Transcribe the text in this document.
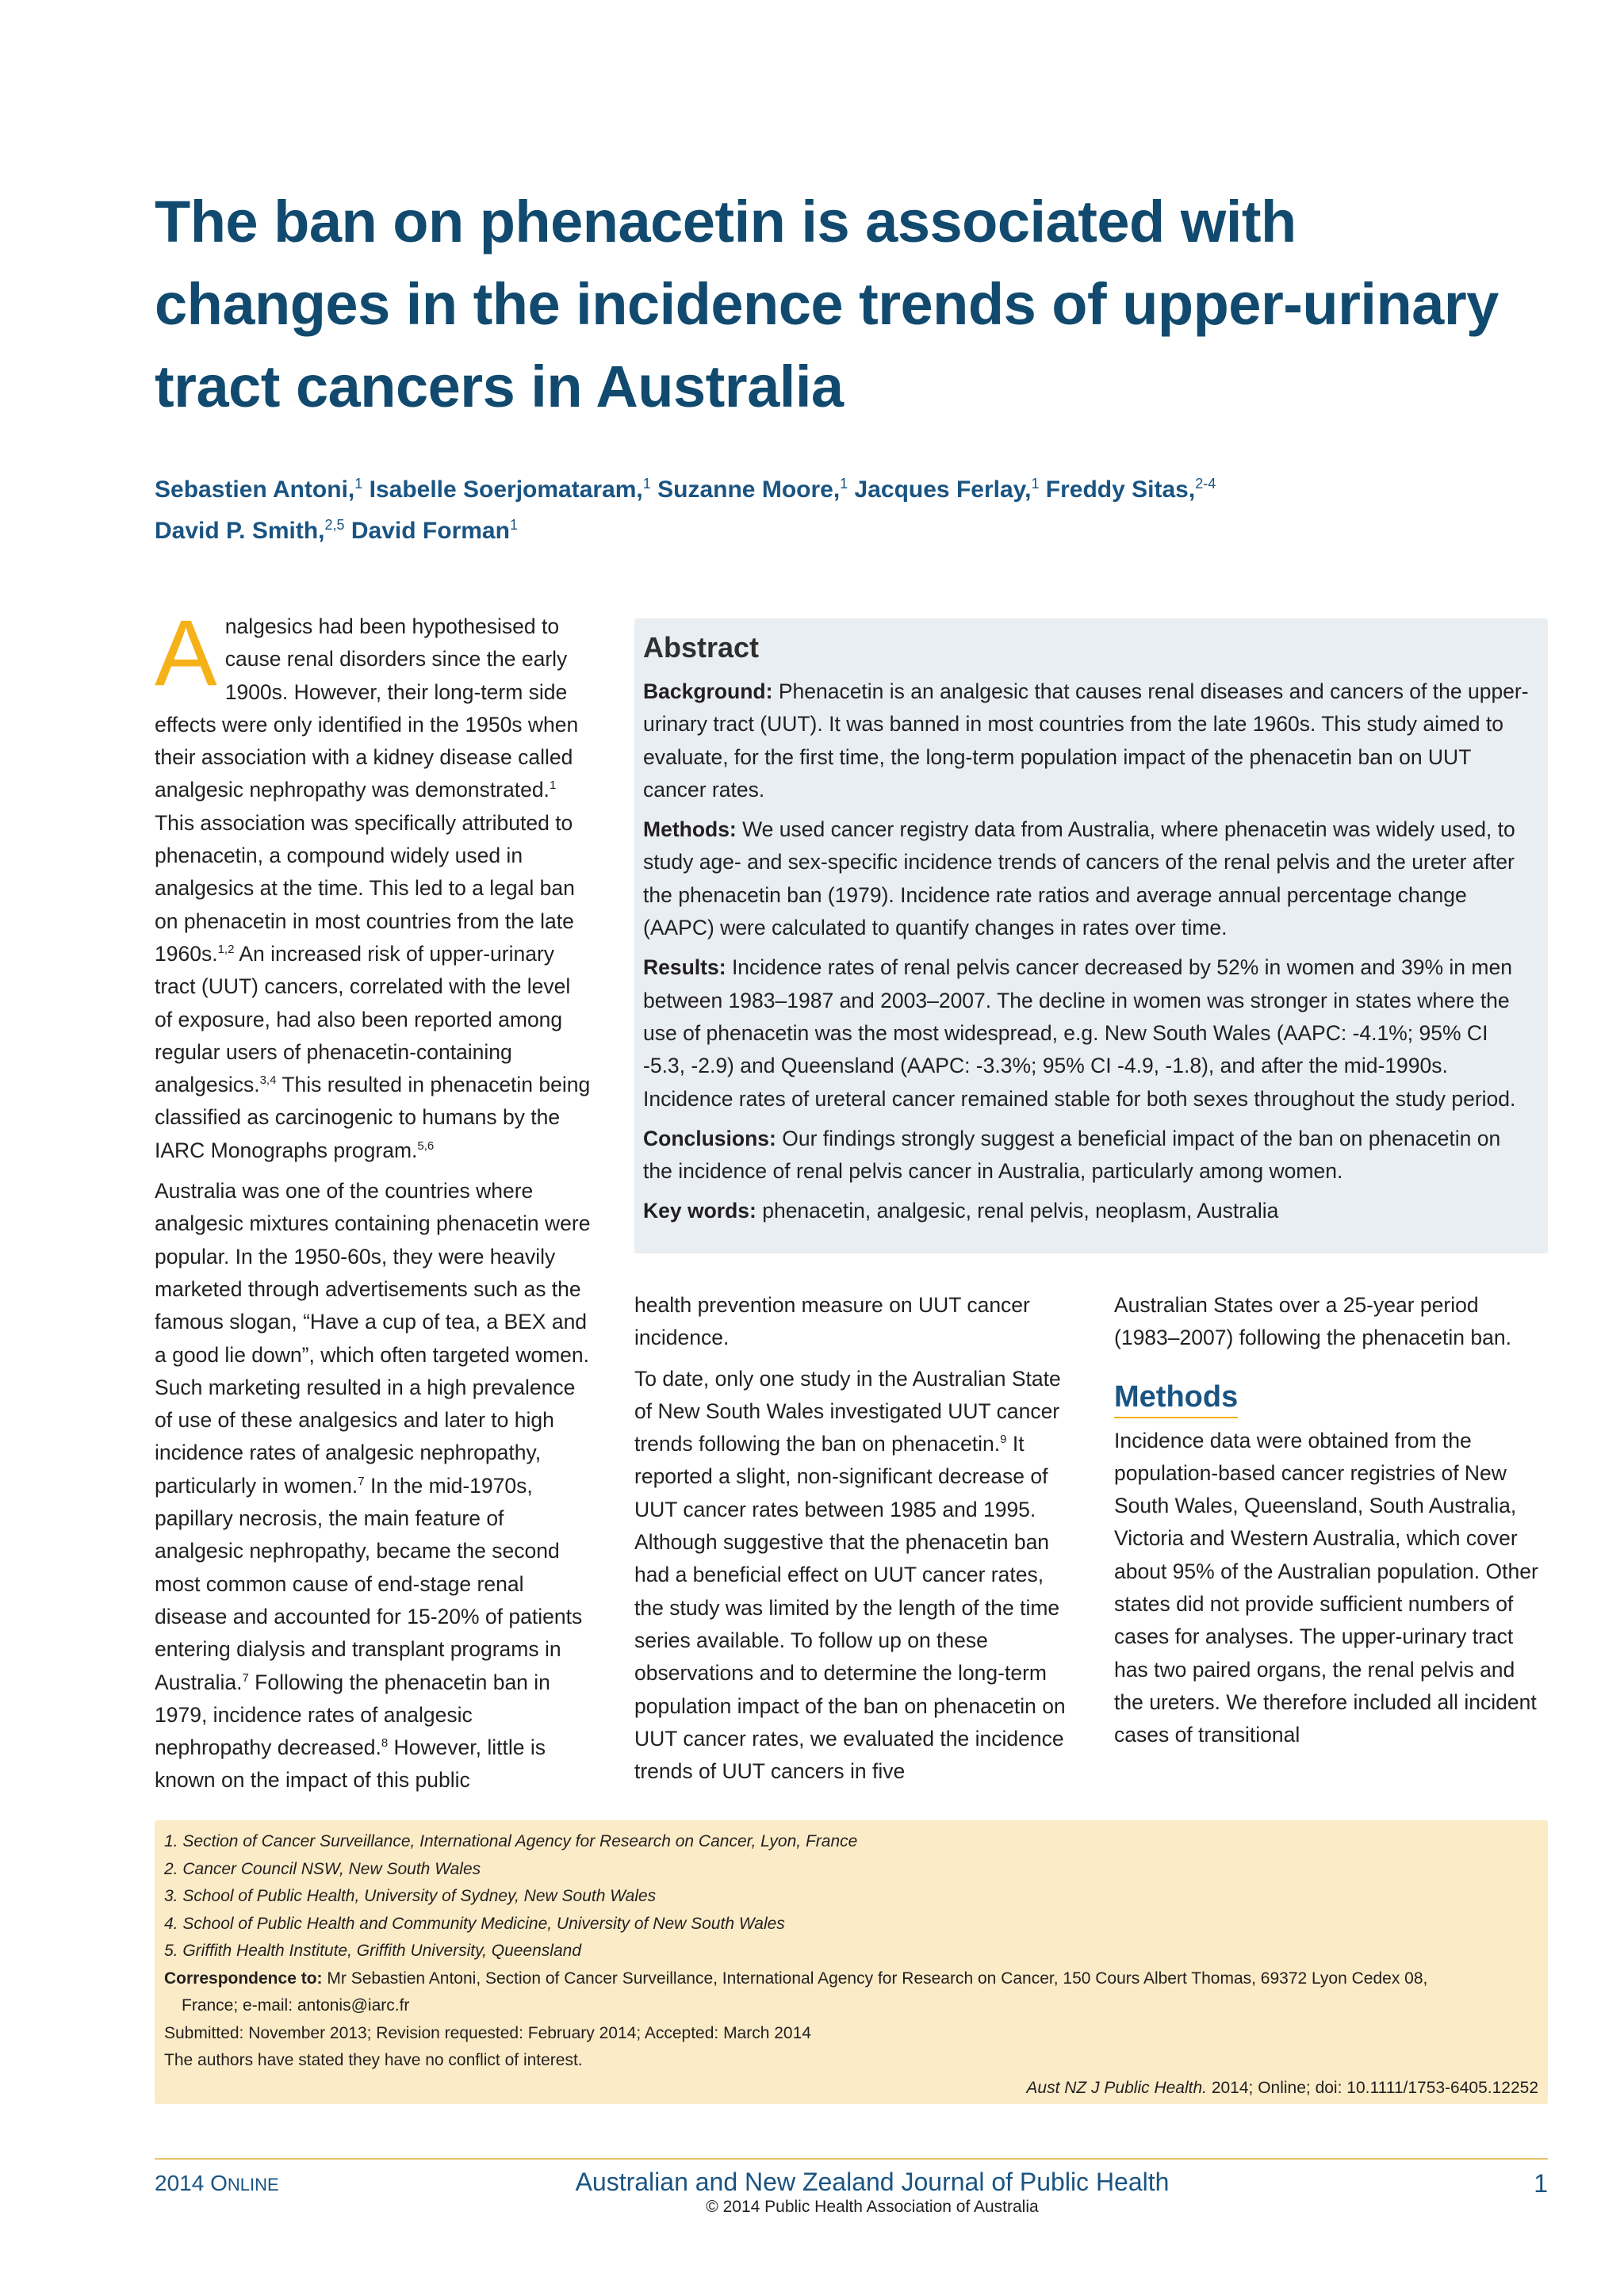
The ban on phenacetin is associated with changes in the incidence trends of upper-urinary tract cancers in Australia
Sebastien Antoni,$^1$ Isabelle Soerjomataram,$^1$ Suzanne Moore,$^1$ Jacques Ferlay,$^1$ Freddy Sitas,$^{2-4}$
David P. Smith,$^{2,5}$ David Forman$^1$

Analgesics had been hypothesised to cause renal disorders since the early 1900s. However, their long-term side effects were only identified in the 1950s when their association with a kidney disease called analgesic nephropathy was demonstrated.$^1$ This association was specifically attributed to phenacetin, a compound widely used in analgesics at the time. This led to a legal ban on phenacetin in most countries from the late 1960s.$^{1,2}$ An increased risk of upper-urinary tract (UUT) cancers, correlated with the level of exposure, had also been reported among regular users of phenacetin-containing analgesics.$^{3,4}$ This resulted in phenacetin being classified as carcinogenic to humans by the IARC Monographs program.$^{5,6}$

Australia was one of the countries where analgesic mixtures containing phenacetin were popular. In the 1950-60s, they were heavily marketed through advertisements such as the famous slogan, “Have a cup of tea, a BEX and a good lie down”, which often targeted women. Such marketing resulted in a high prevalence of use of these analgesics and later to high incidence rates of analgesic nephropathy, particularly in women.$^7$ In the mid-1970s, papillary necrosis, the main feature of analgesic nephropathy, became the second most common cause of end-stage renal disease and accounted for 15-20% of patients entering dialysis and transplant programs in Australia.$^7$ Following the phenacetin ban in 1979, incidence rates of analgesic nephropathy decreased.$^8$ However, little is known on the impact of this public

Abstract

Background: Phenacetin is an analgesic that causes renal diseases and cancers of the upper-urinary tract (UUT). It was banned in most countries from the late 1960s. This study aimed to evaluate, for the first time, the long-term population impact of the phenacetin ban on UUT cancer rates.

Methods: We used cancer registry data from Australia, where phenacetin was widely used, to study age- and sex-specific incidence trends of cancers of the renal pelvis and the ureter after the phenacetin ban (1979). Incidence rate ratios and average annual percentage change (AAPC) were calculated to quantify changes in rates over time.

Results: Incidence rates of renal pelvis cancer decreased by 52% in women and 39% in men between 1983–1987 and 2003–2007. The decline in women was stronger in states where the use of phenacetin was the most widespread, e.g. New South Wales (AAPC: -4.1%; 95% CI -5.3, -2.9) and Queensland (AAPC: -3.3%; 95% CI -4.9, -1.8), and after the mid-1990s. Incidence rates of ureteral cancer remained stable for both sexes throughout the study period.

Conclusions: Our findings strongly suggest a beneficial impact of the ban on phenacetin on the incidence of renal pelvis cancer in Australia, particularly among women.

Key words: phenacetin, analgesic, renal pelvis, neoplasm, Australia

health prevention measure on UUT cancer incidence.

To date, only one study in the Australian State of New South Wales investigated UUT cancer trends following the ban on phenacetin.$^9$ It reported a slight, non-significant decrease of UUT cancer rates between 1985 and 1995. Although suggestive that the phenacetin ban had a beneficial effect on UUT cancer rates, the study was limited by the length of the time series available. To follow up on these observations and to determine the long-term population impact of the ban on phenacetin on UUT cancer rates, we evaluated the incidence trends of UUT cancers in five

Australian States over a 25-year period (1983–2007) following the phenacetin ban.

Methods

Incidence data were obtained from the population-based cancer registries of New South Wales, Queensland, South Australia, Victoria and Western Australia, which cover about 95% of the Australian population. Other states did not provide sufficient numbers of cases for analyses. The upper-urinary tract has two paired organs, the renal pelvis and the ureters. We therefore included all incident cases of transitional

1. Section of Cancer Surveillance, International Agency for Research on Cancer, Lyon, France
2. Cancer Council NSW, New South Wales
3. School of Public Health, University of Sydney, New South Wales
4. School of Public Health and Community Medicine, University of New South Wales
5. Griffith Health Institute, Griffith University, Queensland
Correspondence to: Mr Sebastien Antoni, Section of Cancer Surveillance, International Agency for Research on Cancer, 150 Cours Albert Thomas, 69372 Lyon Cedex 08,
France; e-mail: antonis@iarc.fr
Submitted: November 2013; Revision requested: February 2014; Accepted: March 2014
The authors have stated they have no conflict of interest.
Aust NZ J Public Health. 2014; Online; doi: 10.1111/1753-6405.12252
2014 ONLINE	Australian and New Zealand Journal of Public Health
© 2014 Public Health Association of Australia
1
